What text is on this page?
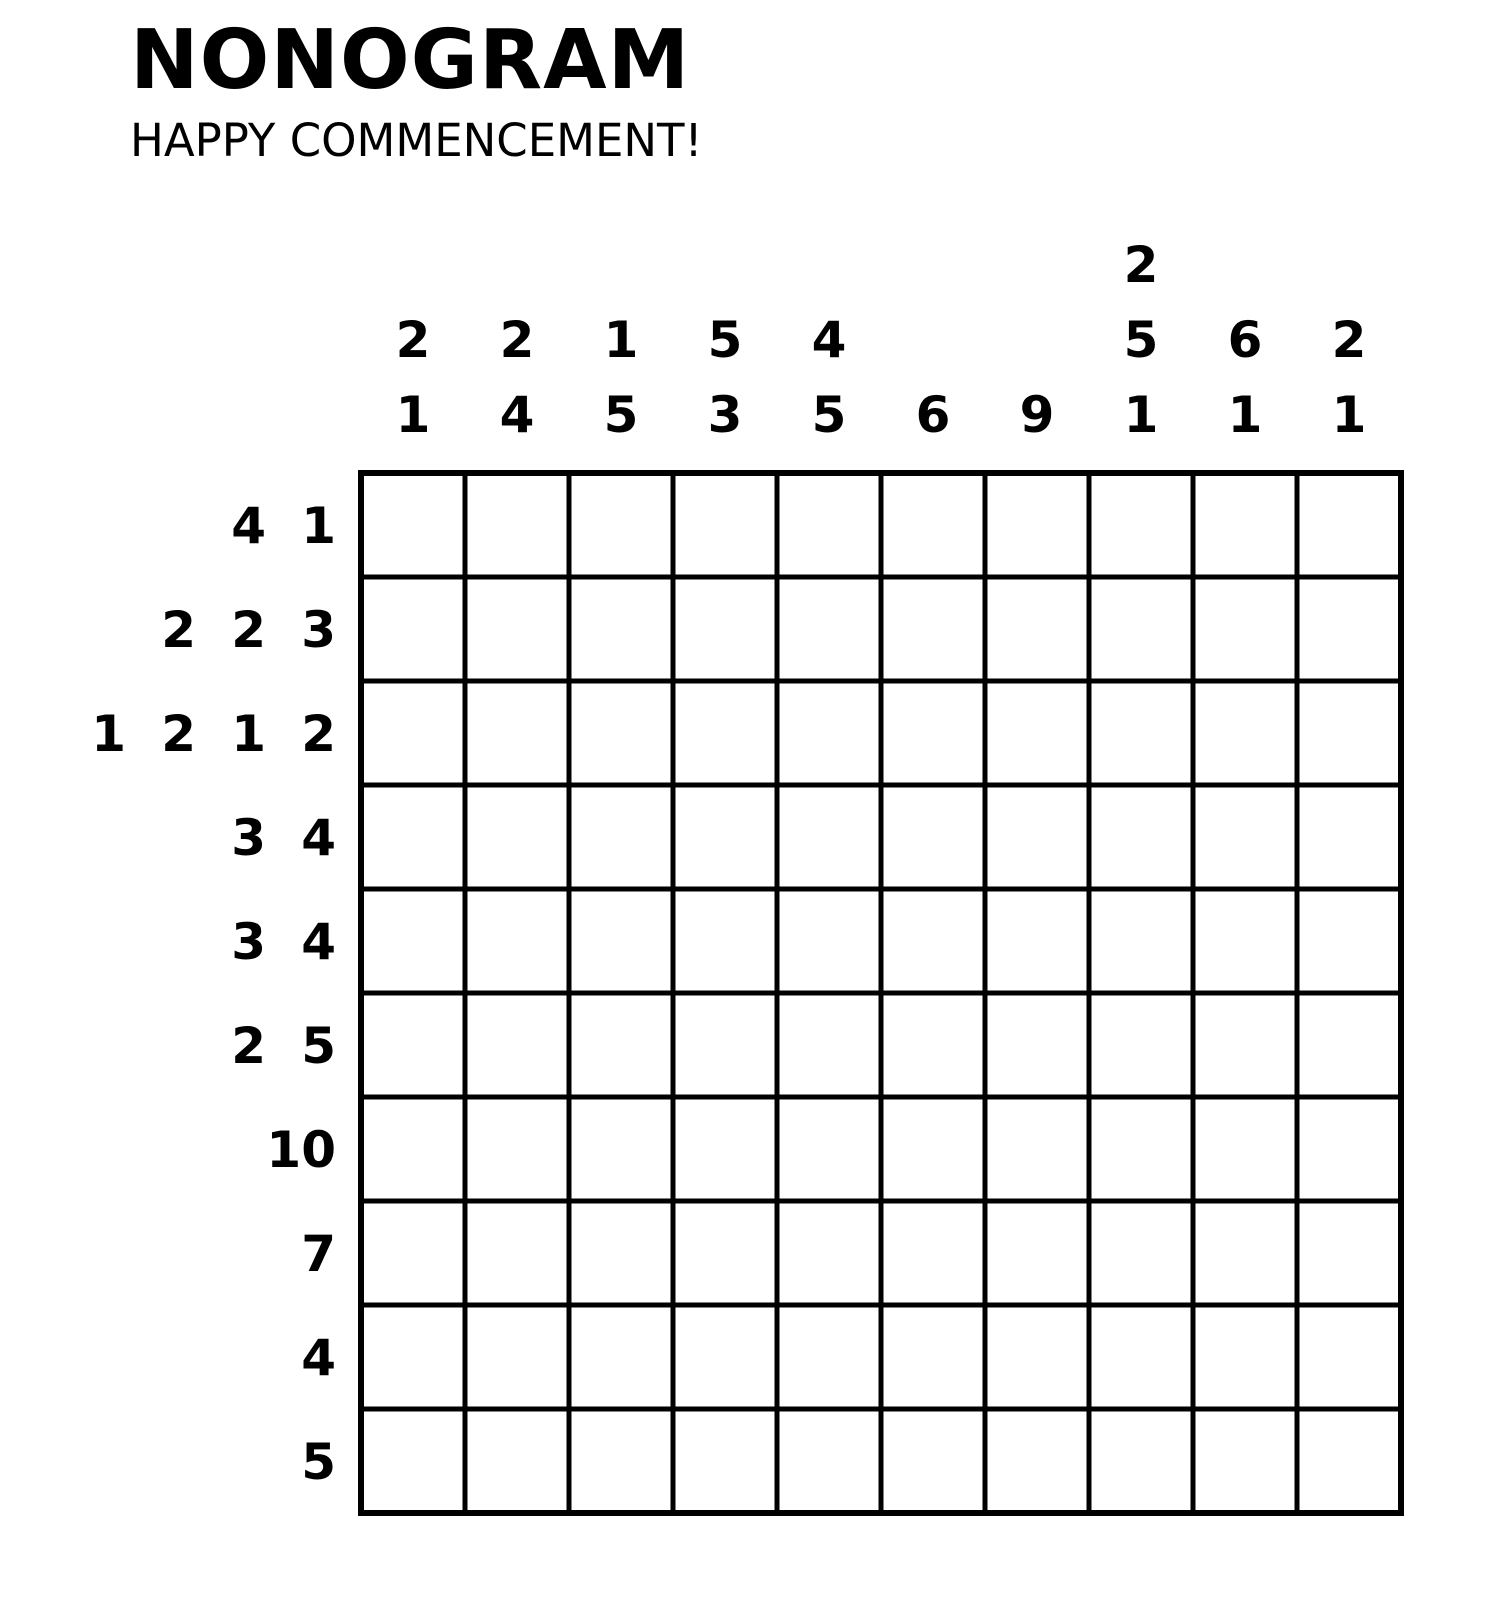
NONOGRAM
HAPPY COMMENCEMENT!
2
1
2
4
1
5
5
3
4
5 6 9
2
5
1
6
1
2
1
4 1
2 2 3
1 2 1 2
3 4
3 4
2 5
10
7
4
5
